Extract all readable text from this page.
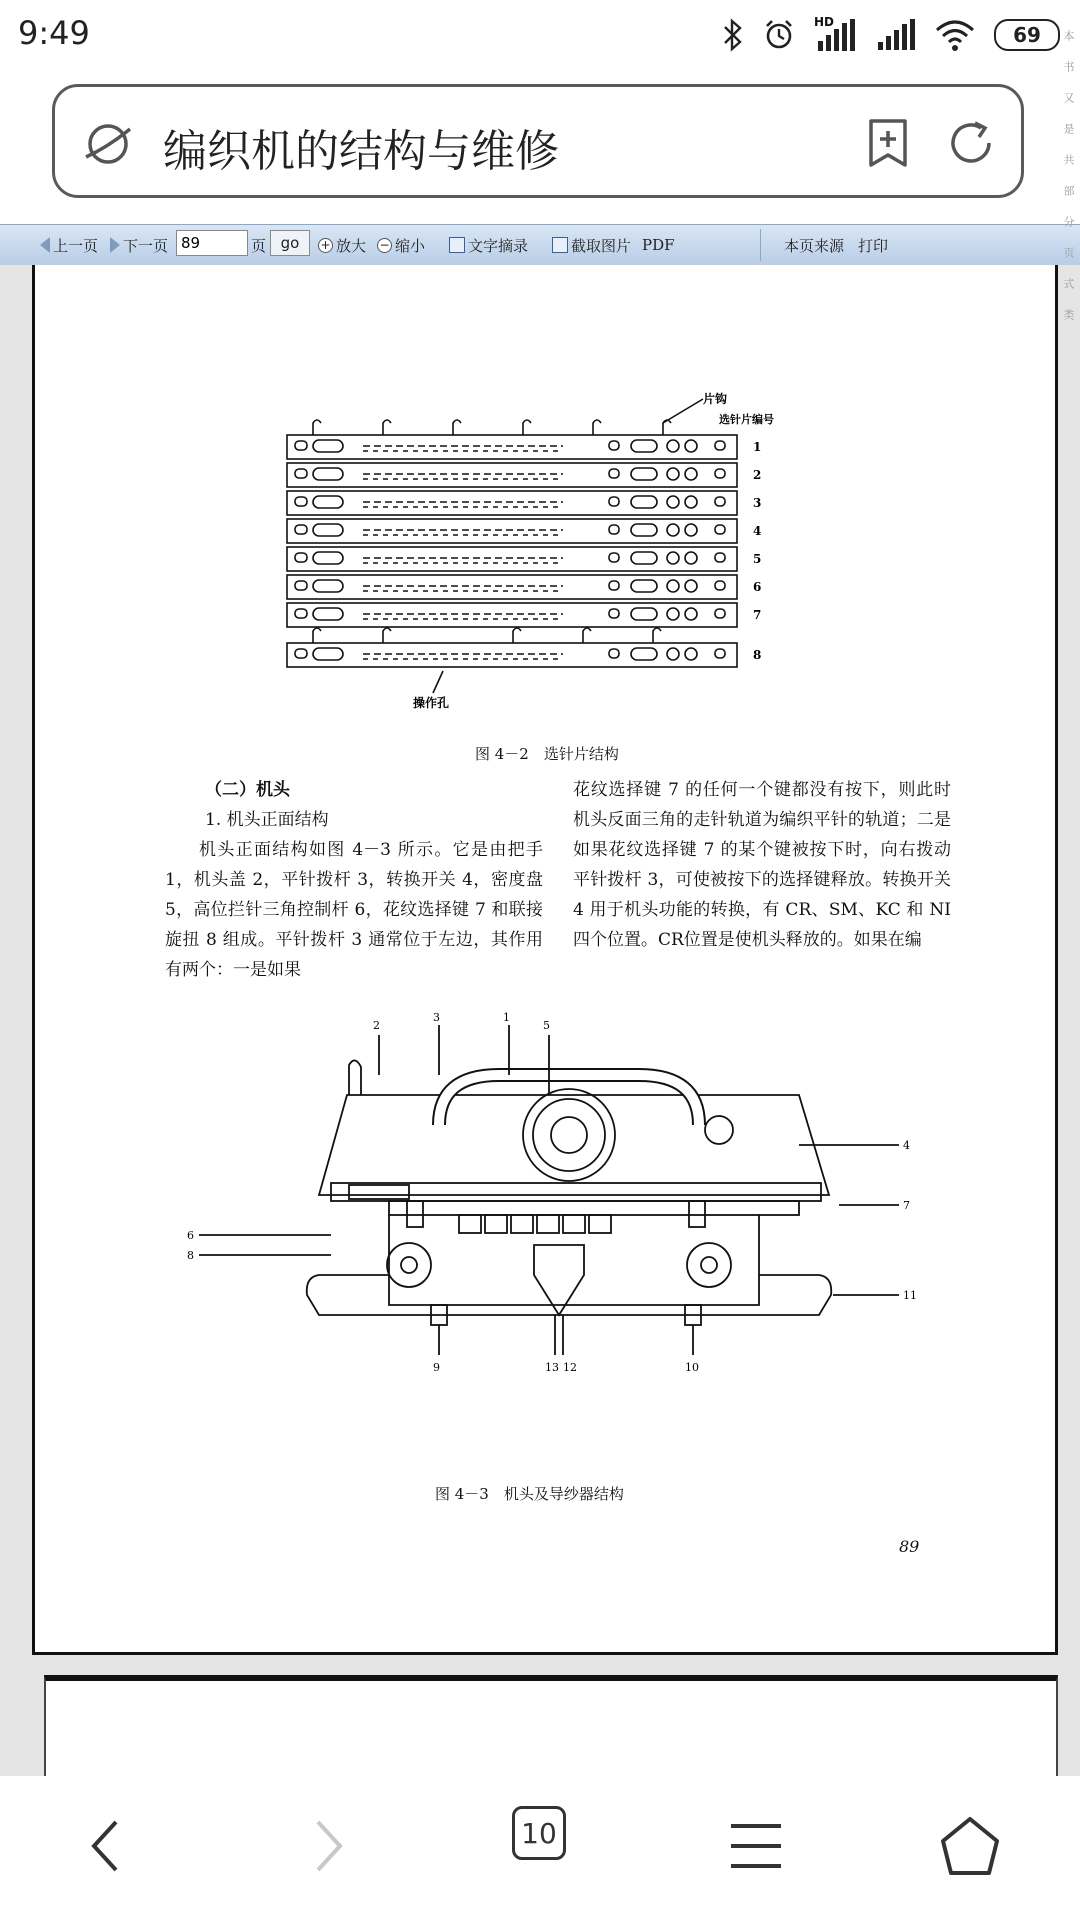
9:49	HD
69
编织机的结构与维修
上一页 下一页
89	页 go	+ 放大 − 缩小	文字摘录	截取图片 PDF	本页来源 打印
片钩
选针片编号
1
2
3
4
5
6
7
8
操作孔
图 4－2　选针片结构

（二）机头

1. 机头正面结构

机头正面结构如图 4－3 所示。它是由把手 1，机头盖 2，平针拨杆 3，转换开关 4，密度盘 5，高位拦针三角控制杆 6，花纹选择键 7 和联接旋扭 8 组成。平针拨杆 3 通常位于左边，其作用有两个：一是如果

花纹选择键 7 的任何一个键都没有按下，则此时机头反面三角的走针轨道为编织平针的轨道；二是如果花纹选择键 7 的某个键被按下时，向右拨动平针拨杆 3，可使被按下的选择键释放。转换开关 4 用于机头功能的转换，有 CR、SM、KC 和 NI 四个位置。CR位置是使机头释放的。如果在编

2
3	1
5
4
6
7
8
11
9	13 12	10
图 4－3　机头及导纱器结构
89
本书又是共部分页式类
10
